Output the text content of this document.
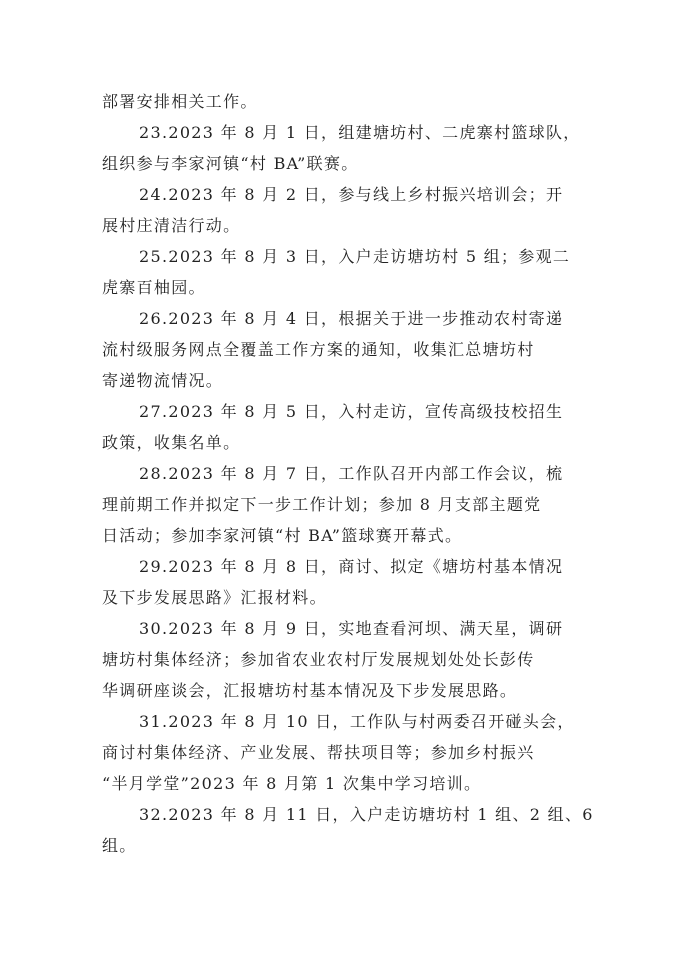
部署安排相关工作。
23.2023 年 8 月 1 日，组建塘坊村、二虎寨村篮球队，
组织参与李家河镇“村 BA”联赛。
24.2023 年 8 月 2 日，参与线上乡村振兴培训会；开
展村庄清洁行动。
25.2023 年 8 月 3 日，入户走访塘坊村 5 组；参观二
虎寨百柚园。
26.2023 年 8 月 4 日，根据关于进一步推动农村寄递
流村级服务网点全覆盖工作方案的通知，收集汇总塘坊村
寄递物流情况。
27.2023 年 8 月 5 日，入村走访，宣传高级技校招生
政策，收集名单。
28.2023 年 8 月 7 日，工作队召开内部工作会议，梳
理前期工作并拟定下一步工作计划；参加 8 月支部主题党
日活动；参加李家河镇“村 BA”篮球赛开幕式。
29.2023 年 8 月 8 日，商讨、拟定《塘坊村基本情况
及下步发展思路》汇报材料。
30.2023 年 8 月 9 日，实地查看河坝、满天星，调研
塘坊村集体经济；参加省农业农村厅发展规划处处长彭传
华调研座谈会，汇报塘坊村基本情况及下步发展思路。
31.2023 年 8 月 10 日，工作队与村两委召开碰头会，
商讨村集体经济、产业发展、帮扶项目等；参加乡村振兴
“半月学堂”2023 年 8 月第 1 次集中学习培训。
32.2023 年 8 月 11 日，入户走访塘坊村 1 组、2 组、6
组。
